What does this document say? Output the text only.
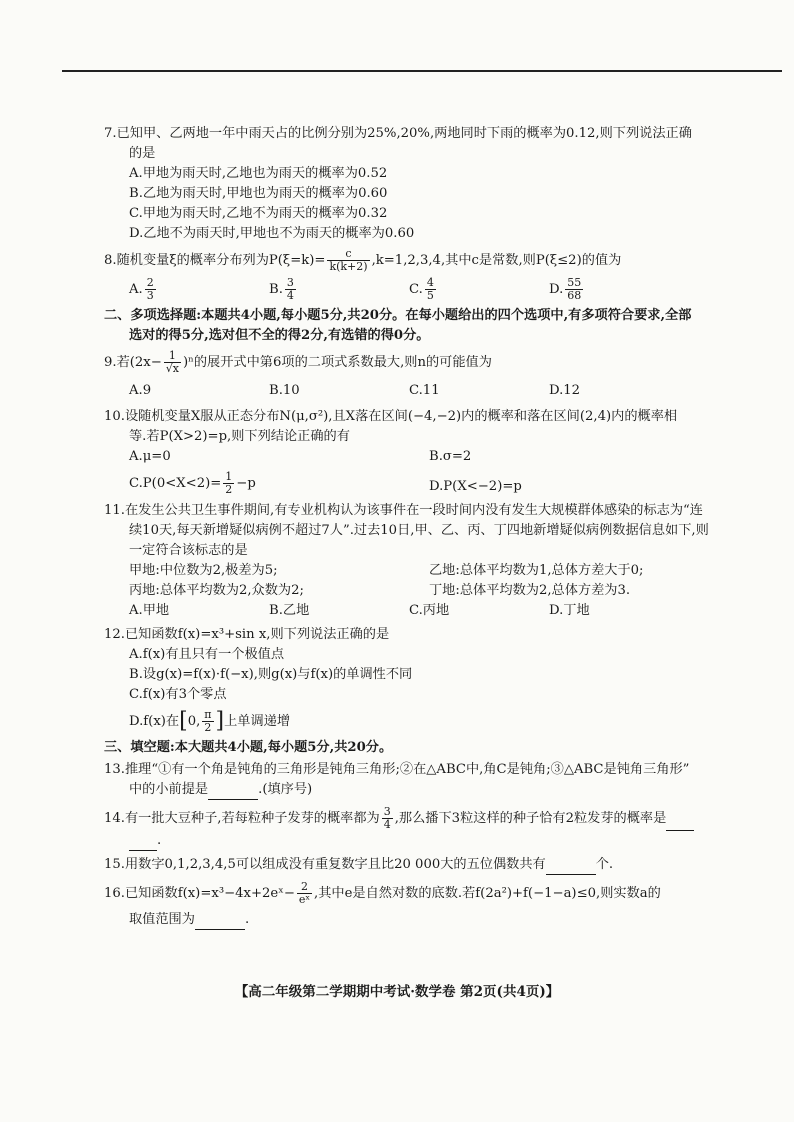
7.已知甲、乙两地一年中雨天占的比例分别为25%,20%,两地同时下雨的概率为0.12,则下列说法正确

的是

A.甲地为雨天时,乙地也为雨天的概率为0.52

B.乙地为雨天时,甲地也为雨天的概率为0.60

C.甲地为雨天时,乙地不为雨天的概率为0.32

D.乙地不为雨天时,甲地也不为雨天的概率为0.60

8.随机变量ξ的概率分布列为$P(\xi=k)= \frac{c}{k(k+2)} ,k=1,2,3,4$,其中c是常数,则P(ξ≤2)的值为

A. $\frac{2}{3}$	B. $\frac{3}{4}$	C. $\frac{4}{5}$	D. $\frac{55}{68}$

二、多项选择题:本题共4小题,每小题5分,共20分。在每小题给出的四个选项中,有多项符合要求,全部

选对的得5分,选对但不全的得2分,有选错的得0分。

9.若$(2x- \frac{1}{√x} )^n$的展开式中第6项的二项式系数最大,则n的可能值为

A.9	B.10	C.11	D.12

10.设随机变量X服从正态分布N(μ,σ²),且X落在区间(−4,−2)内的概率和落在区间(2,4)内的概率相

等.若P(X>2)=p,则下列结论正确的有

A.μ=0	B.σ=2
$C.P(0<X<2)= \frac{1}{2} -p$	D.P(X<−2)=p

11.在发生公共卫生事件期间,有专业机构认为该事件在一段时间内没有发生大规模群体感染的标志为“连

续10天,每天新增疑似病例不超过7人”.过去10日,甲、乙、丙、丁四地新增疑似病例数据信息如下,则

一定符合该标志的是

甲地:中位数为2,极差为5;	乙地:总体平均数为1,总体方差大于0;
丙地:总体平均数为2,众数为2;	丁地:总体平均数为2,总体方差为3.
A.甲地	B.乙地	C.丙地	D.丁地

12.已知函数f(x)=x³+sin x,则下列说法正确的是

A.f(x)有且只有一个极值点

B.设g(x)=f(x)·f(−x),则g(x)与f(x)的单调性不同

C.f(x)有3个零点

D.f(x)在[0, $\frac{\pi}{2}$ ]上单调递增

三、填空题:本大题共4小题,每小题5分,共20分。

13.推理“①有一个角是钝角的三角形是钝角三角形;②在△ABC中,角C是钝角;③△ABC是钝角三角形”

中的小前提是	.(填序号)

14.有一批大豆种子,若每粒种子发芽的概率都为 $\frac{3}{4}$ ,那么播下3粒这样的种子恰有2粒发芽的概率是

.

15.用数字0,1,2,3,4,5可以组成没有重复数字且比20 000大的五位偶数共有	个.

16.已知函数f(x)=x³−4x+2eˣ− $\frac{2}{\text{eˣ}}$ ,其中e是自然对数的底数.若f(2a²)+f(−1−a)≤0,则实数a的

取值范围为	.

【高二年级第二学期期中考试·数学卷 第2页(共4页)】
